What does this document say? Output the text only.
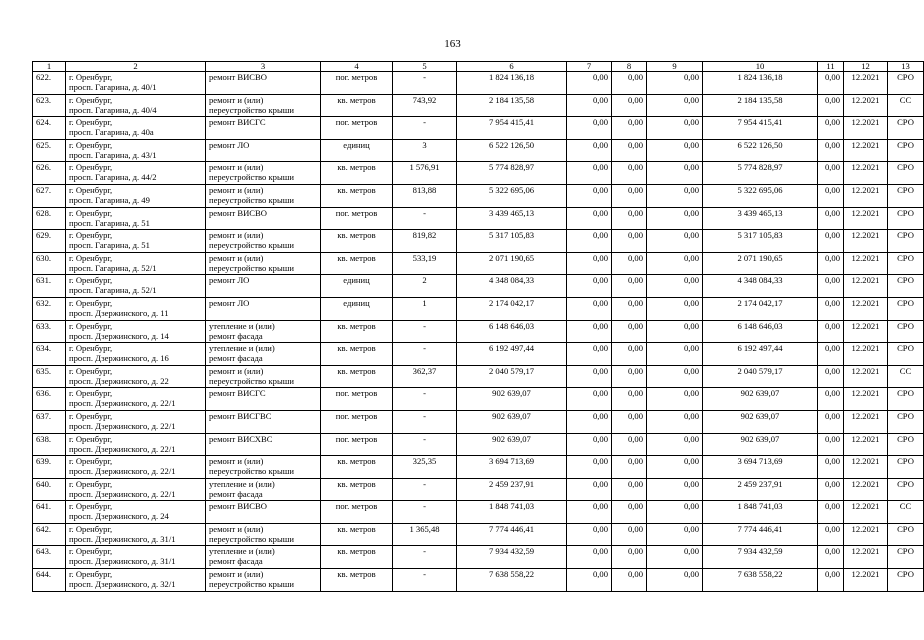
163
1	2	3	4	5	6	7	8	9	10	11	12	13
622.	г. Оренбург,
просп. Гагарина, д. 40/1	ремонт ВИСВО	пог. метров	-	1 824 136,18	0,00	0,00	0,00	1 824 136,18	0,00	12.2021	СРО
623.	г. Оренбург,
просп. Гагарина, д. 40/4	ремонт и (или)
переустройство крыши	кв. метров	743,92	2 184 135,58	0,00	0,00	0,00	2 184 135,58	0,00	12.2021	СС
624.	г. Оренбург,
просп. Гагарина, д. 40а	ремонт ВИСГС	пог. метров	-	7 954 415,41	0,00	0,00	0,00	7 954 415,41	0,00	12.2021	СРО
625.	г. Оренбург,
просп. Гагарина, д. 43/1	ремонт ЛО	единиц	3	6 522 126,50	0,00	0,00	0,00	6 522 126,50	0,00	12.2021	СРО
626.	г. Оренбург,
просп. Гагарина, д. 44/2	ремонт и (или)
переустройство крыши	кв. метров	1 576,91	5 774 828,97	0,00	0,00	0,00	5 774 828,97	0,00	12.2021	СРО
627.	г. Оренбург,
просп. Гагарина, д. 49	ремонт и (или)
переустройство крыши	кв. метров	813,88	5 322 695,06	0,00	0,00	0,00	5 322 695,06	0,00	12.2021	СРО
628.	г. Оренбург,
просп. Гагарина, д. 51	ремонт ВИСВО	пог. метров	-	3 439 465,13	0,00	0,00	0,00	3 439 465,13	0,00	12.2021	СРО
629.	г. Оренбург,
просп. Гагарина, д. 51	ремонт и (или)
переустройство крыши	кв. метров	819,82	5 317 105,83	0,00	0,00	0,00	5 317 105,83	0,00	12.2021	СРО
630.	г. Оренбург,
просп. Гагарина, д. 52/1	ремонт и (или)
переустройство крыши	кв. метров	533,19	2 071 190,65	0,00	0,00	0,00	2 071 190,65	0,00	12.2021	СРО
631.	г. Оренбург,
просп. Гагарина, д. 52/1	ремонт ЛО	единиц	2	4 348 084,33	0,00	0,00	0,00	4 348 084,33	0,00	12.2021	СРО
632.	г. Оренбург,
просп. Дзержинского, д. 11	ремонт ЛО	единиц	1	2 174 042,17	0,00	0,00	0,00	2 174 042,17	0,00	12.2021	СРО
633.	г. Оренбург,
просп. Дзержинского, д. 14	утепление и (или)
ремонт фасада	кв. метров	-	6 148 646,03	0,00	0,00	0,00	6 148 646,03	0,00	12.2021	СРО
634.	г. Оренбург,
просп. Дзержинского, д. 16	утепление и (или)
ремонт фасада	кв. метров	-	6 192 497,44	0,00	0,00	0,00	6 192 497,44	0,00	12.2021	СРО
635.	г. Оренбург,
просп. Дзержинского, д. 22	ремонт и (или)
переустройство крыши	кв. метров	362,37	2 040 579,17	0,00	0,00	0,00	2 040 579,17	0,00	12.2021	СС
636.	г. Оренбург,
просп. Дзержинского, д. 22/1	ремонт ВИСГС	пог. метров	-	902 639,07	0,00	0,00	0,00	902 639,07	0,00	12.2021	СРО
637.	г. Оренбург,
просп. Дзержинского, д. 22/1	ремонт ВИСГВС	пог. метров	-	902 639,07	0,00	0,00	0,00	902 639,07	0,00	12.2021	СРО
638.	г. Оренбург,
просп. Дзержинского, д. 22/1	ремонт ВИСХВС	пог. метров	-	902 639,07	0,00	0,00	0,00	902 639,07	0,00	12.2021	СРО
639.	г. Оренбург,
просп. Дзержинского, д. 22/1	ремонт и (или)
переустройство крыши	кв. метров	325,35	3 694 713,69	0,00	0,00	0,00	3 694 713,69	0,00	12.2021	СРО
640.	г. Оренбург,
просп. Дзержинского, д. 22/1	утепление и (или)
ремонт фасада	кв. метров	-	2 459 237,91	0,00	0,00	0,00	2 459 237,91	0,00	12.2021	СРО
641.	г. Оренбург,
просп. Дзержинского, д. 24	ремонт ВИСВО	пог. метров	-	1 848 741,03	0,00	0,00	0,00	1 848 741,03	0,00	12.2021	СС
642.	г. Оренбург,
просп. Дзержинского, д. 31/1	ремонт и (или)
переустройство крыши	кв. метров	1 365,48	7 774 446,41	0,00	0,00	0,00	7 774 446,41	0,00	12.2021	СРО
643.	г. Оренбург,
просп. Дзержинского, д. 31/1	утепление и (или)
ремонт фасада	кв. метров	-	7 934 432,59	0,00	0,00	0,00	7 934 432,59	0,00	12.2021	СРО
644.	г. Оренбург,
просп. Дзержинского, д. 32/1	ремонт и (или)
переустройство крыши	кв. метров	-	7 638 558,22	0,00	0,00	0,00	7 638 558,22	0,00	12.2021	СРО
